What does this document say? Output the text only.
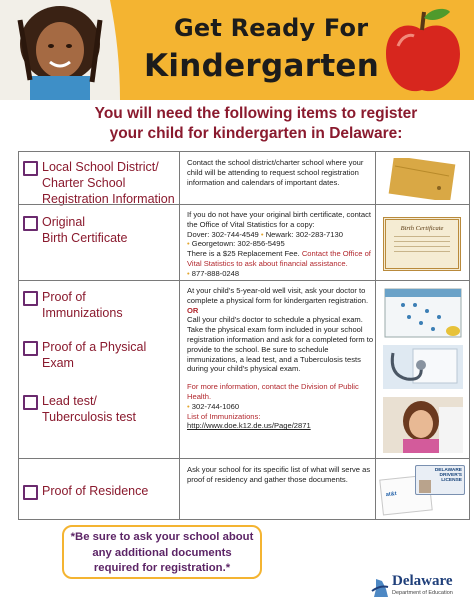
Get Ready For
Kindergarten
You will need the following items to register
your child for kindergarten in Delaware:
Local School District/
Charter School
Registration Information
Contact the school district/charter school where your child will be attending to request school registration information and calendars of important dates.
Original
Birth Certificate

If you do not have your original birth certificate, contact the Office of Vital Statistics for a copy:

Dover: 302-744-4549 • Newark: 302-283-7130

• Georgetown: 302-856-5495

There is a $25 Replacement Fee. Contact the Office of Vital Statistics to ask about financial assistance.

• 877-888-0248

Birth Certificate
Proof of
Immunizations
Proof of a Physical
Exam
Lead test/
Tuberculosis test

At your child’s 5-year-old well visit, ask your doctor to complete a physical form for kindergarten registration.

OR

Call your child’s doctor to schedule a physical exam. Take the physical exam form included in your school registration information and ask for a completed form to provide to the school. Be sure to schedule immunizations, a lead test, and a Tuberculosis tests during your child’s physical exam.

For more information, contact the Division of Public Health.

• 302-744-1060

List of Immunizations:

http://www.doe.k12.de.us/Page/2871

Proof of Residence
Ask your school for its specific list of what will serve as proof of residency and gather those documents.
at&t
DELAWARE DRIVER'S LICENSE
*Be sure to ask your school about
any additional documents
required for registration.*
Delaware
Department of Education
